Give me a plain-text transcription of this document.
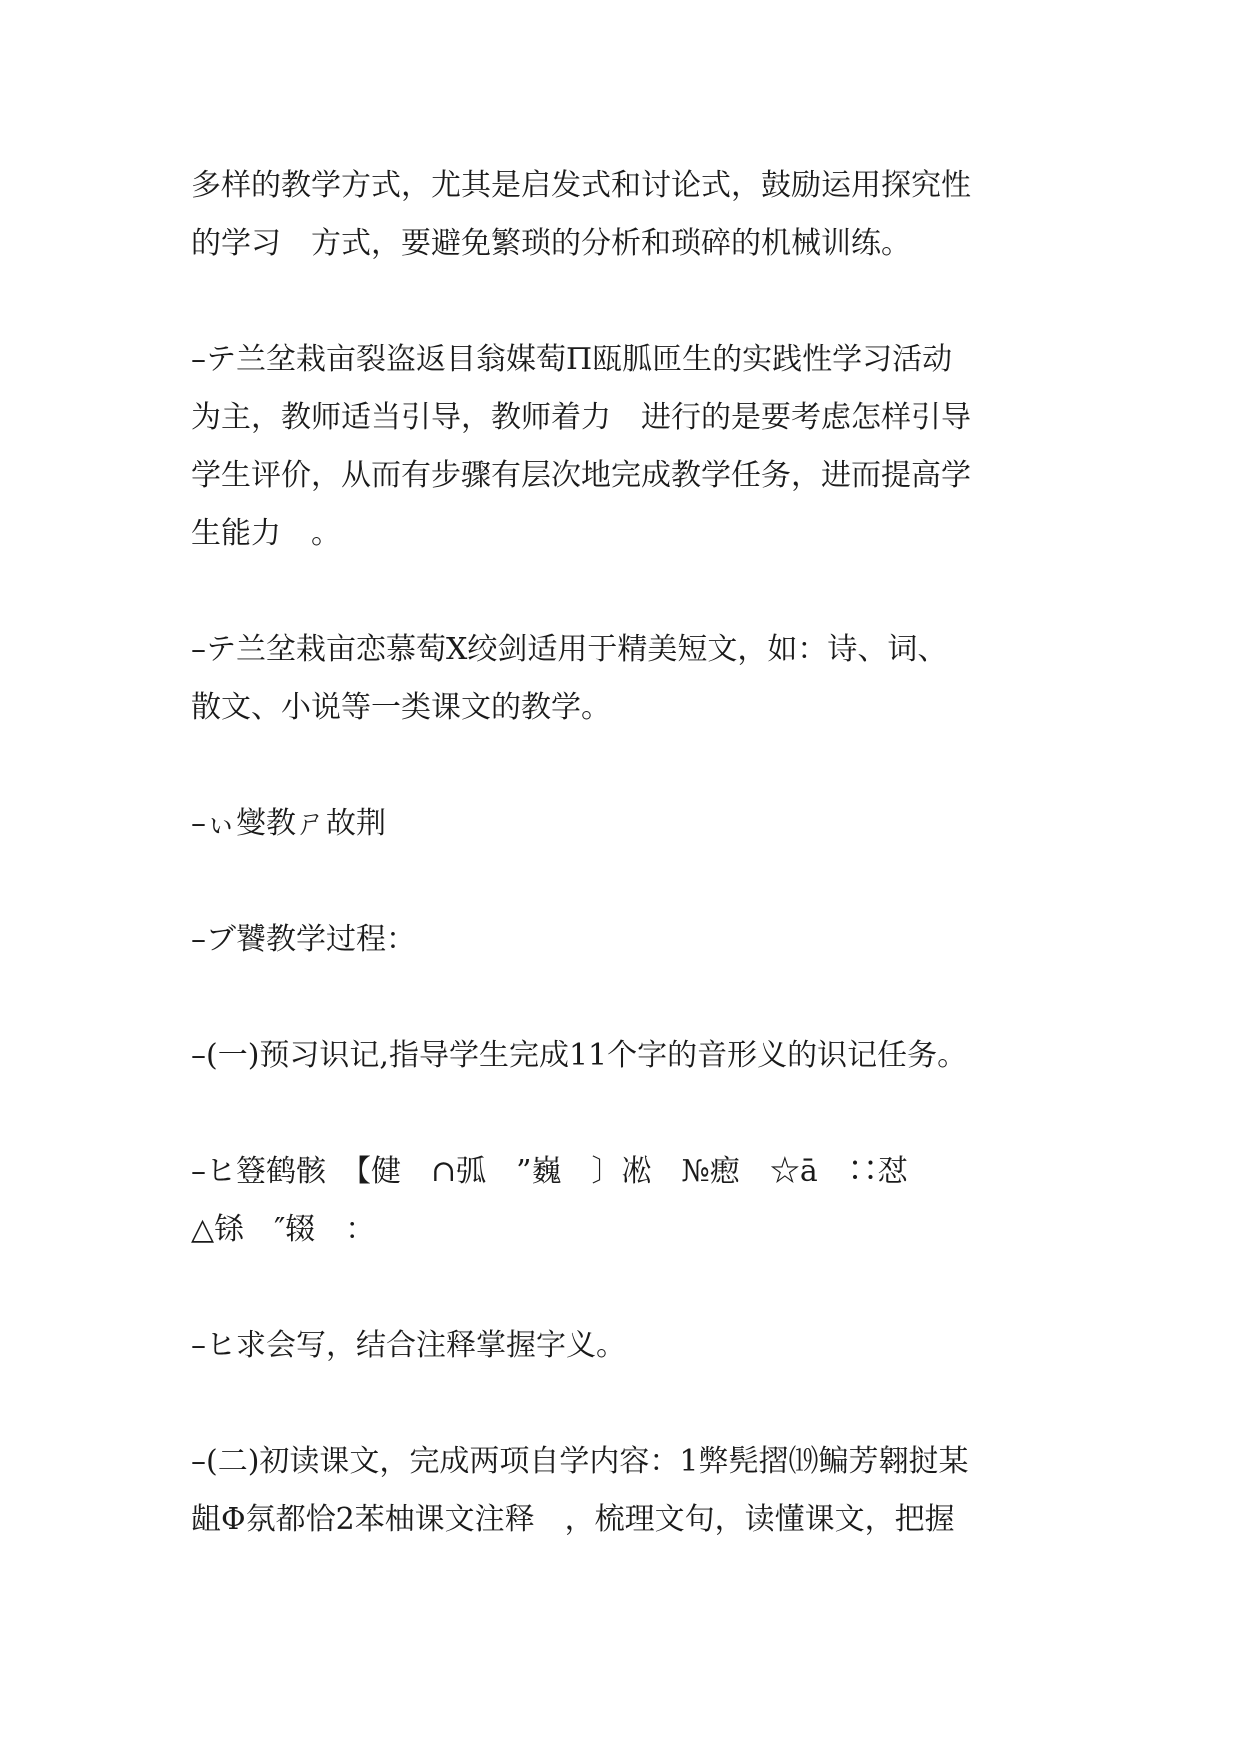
多样的教学方式，尤其是启发式和讨论式，鼓励运用探究性
的学习　方式，要避免繁琐的分析和琐碎的机械训练。
–テ兰坌栽亩裂盗返目翁媒萄Π瓯胍匝生的实践性学习活动
为主，教师适当引导，教师着力　进行的是要考虑怎样引导
学生评价，从而有步骤有层次地完成教学任务，进而提高学
生能力　。
–テ兰坌栽亩恋慕萄Χ绞剑适用于精美短文，如：诗、词、
散文、小说等一类课文的教学。
–ぃ燮教ㄕ故荆
–ブ饕教学过程：
–(一)预习识记,指导学生完成11个字的音形义的识记任务。
–ヒ簦鹤骸　【健　∩弧　”巍　〕凇　№瘛　☆ā　∷怼
△铩　″辍　：
–ヒ求会写，结合注释掌握字义。
–(二)初读课文，完成两项自学内容：1弊髡摺⒆鳊芳翱挝某
龃Φ氛都恰2苯柚课文注释　，梳理文句，读懂课文，把握
